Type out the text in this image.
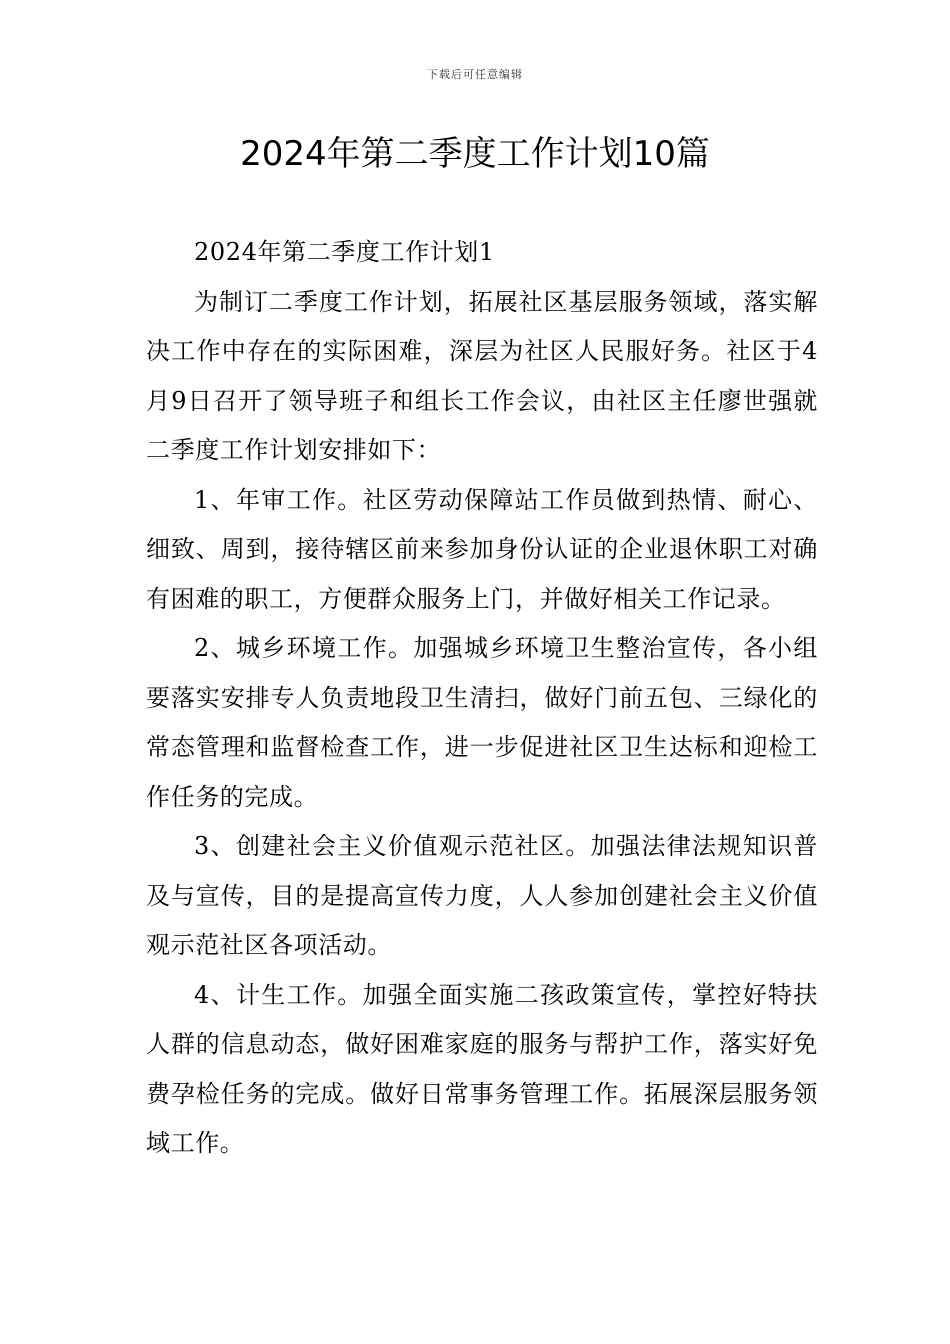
下载后可任意编辑
2024年第二季度工作计划10篇

2024年第二季度工作计划1

为制订二季度工作计划，拓展社区基层服务领域，落实解决工作中存在的实际困难，深层为社区人民服好务。社区于4月9日召开了领导班子和组长工作会议，由社区主任廖世强就二季度工作计划安排如下：

1、年审工作。社区劳动保障站工作员做到热情、耐心、细致、周到，接待辖区前来参加身份认证的企业退休职工对确有困难的职工，方便群众服务上门，并做好相关工作记录。

2、城乡环境工作。加强城乡环境卫生整治宣传，各小组要落实安排专人负责地段卫生清扫，做好门前五包、三绿化的常态管理和监督检查工作，进一步促进社区卫生达标和迎检工作任务的完成。

3、创建社会主义价值观示范社区。加强法律法规知识普及与宣传，目的是提高宣传力度，人人参加创建社会主义价值观示范社区各项活动。

4、计生工作。加强全面实施二孩政策宣传，掌控好特扶人群的信息动态，做好困难家庭的服务与帮护工作，落实好免费孕检任务的完成。做好日常事务管理工作。拓展深层服务领域工作。
